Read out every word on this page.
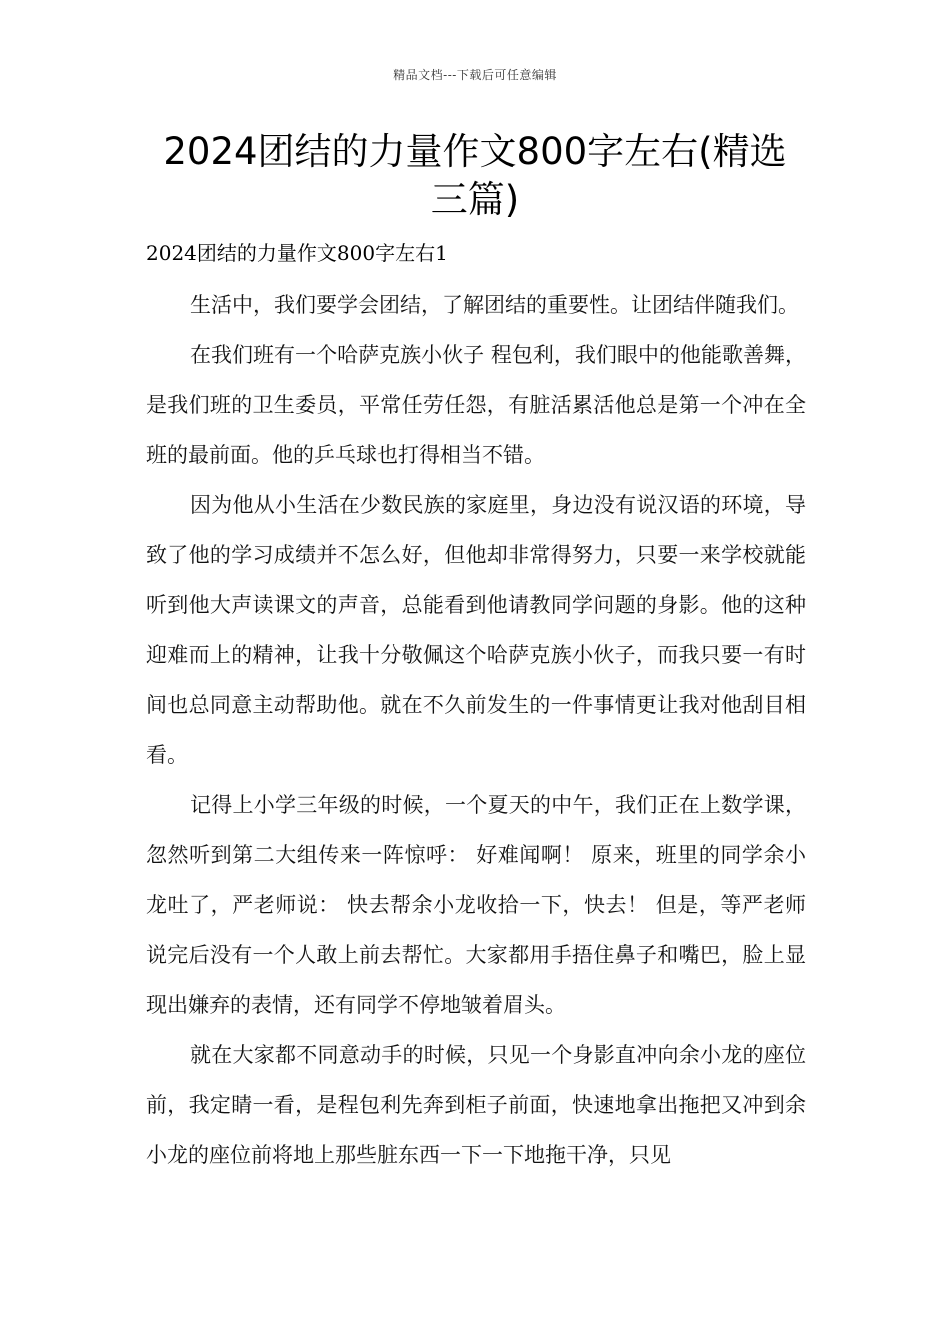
精品文档---下载后可任意编辑
2024团结的力量作文800字左右(精选三篇)
2024团结的力量作文800字左右1

生活中，我们要学会团结，了解团结的重要性。让团结伴随我们。

在我们班有一个哈萨克族小伙子 程包利，我们眼中的他能歌善舞，是我们班的卫生委员，平常任劳任怨，有脏活累活他总是第一个冲在全班的最前面。他的乒乓球也打得相当不错。

因为他从小生活在少数民族的家庭里，身边没有说汉语的环境，导致了他的学习成绩并不怎么好，但他却非常得努力，只要一来学校就能听到他大声读课文的声音，总能看到他请教同学问题的身影。他的这种迎难而上的精神，让我十分敬佩这个哈萨克族小伙子，而我只要一有时间也总同意主动帮助他。就在不久前发生的一件事情更让我对他刮目相看。

记得上小学三年级的时候，一个夏天的中午，我们正在上数学课，忽然听到第二大组传来一阵惊呼： 好难闻啊！ 原来，班里的同学余小龙吐了，严老师说： 快去帮余小龙收拾一下，快去！ 但是，等严老师说完后没有一个人敢上前去帮忙。大家都用手捂住鼻子和嘴巴，脸上显现出嫌弃的表情，还有同学不停地皱着眉头。

就在大家都不同意动手的时候，只见一个身影直冲向余小龙的座位前，我定睛一看，是程包利先奔到柜子前面，快速地拿出拖把又冲到余小龙的座位前将地上那些脏东西一下一下地拖干净，只见
